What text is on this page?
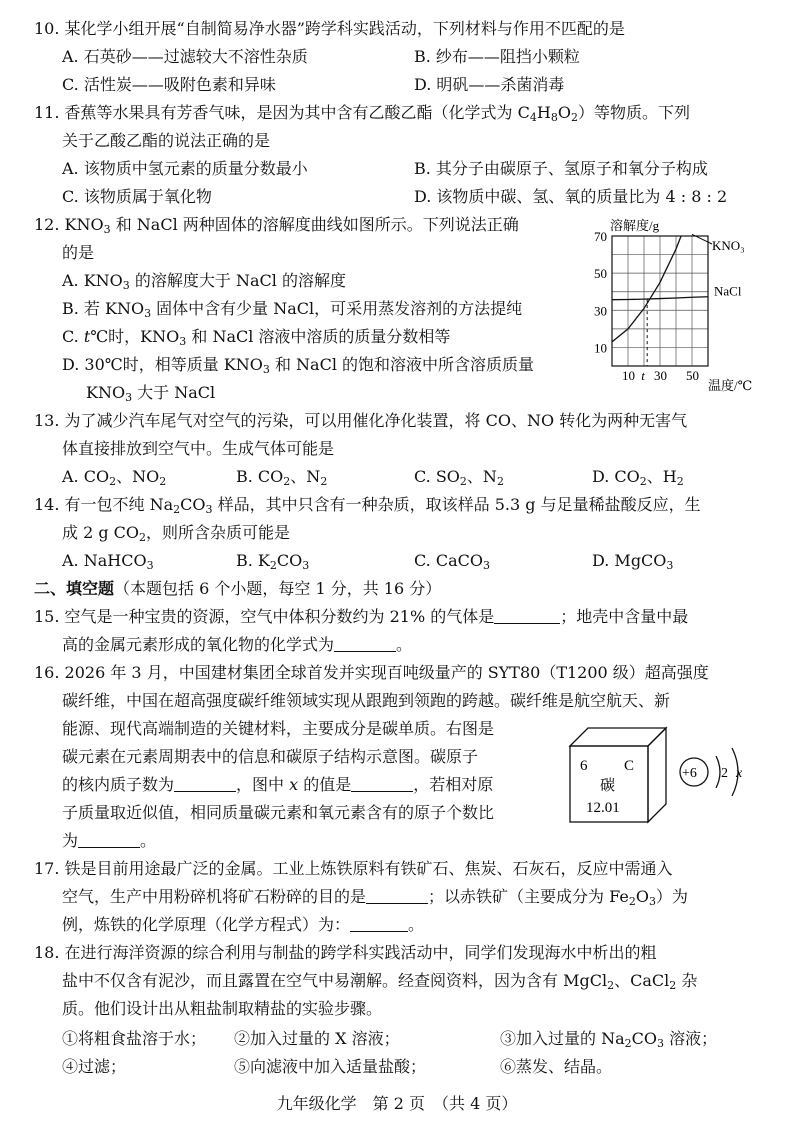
10. 某化学小组开展“自制简易净水器”跨学科实践活动，下列材料与作用不匹配的是
A. 石英砂——过滤较大不溶性杂质	B. 纱布——阻挡小颗粒
C. 活性炭——吸附色素和异味	D. 明矾——杀菌消毒
11. 香蕉等水果具有芳香气味，是因为其中含有乙酸乙酯（化学式为 $C_4H_8O_2$）等物质。下列
关于乙酸乙酯的说法正确的是
A. 该物质中氢元素的质量分数最小	B. 其分子由碳原子、氢原子和氧分子构成
C. 该物质属于氧化物	D. 该物质中碳、氢、氧的质量比为 4 : 8 : 2
12. $KNO_3$ 和 NaCl 两种固体的溶解度曲线如图所示。下列说法正确
的是
A. $KNO_3$ 的溶解度大于 NaCl 的溶解度
B. 若 $KNO_3$ 固体中含有少量 NaCl，可采用蒸发溶剂的方法提纯
C. t℃时，$KNO_3$ 和 NaCl 溶液中溶质的质量分数相等
D. 30℃时，相等质量 $KNO_3$ 和 NaCl 的饱和溶液中所含溶质质量
$KNO_3$ 大于 NaCl
10 t 30 50
10
30
50
70
KNO₃
NaCl
溶解度/g
温度/℃
13. 为了减少汽车尾气对空气的污染，可以用催化净化装置，将 CO、NO 转化为两种无害气
体直接排放到空气中。生成气体可能是
A. $CO_2$、$NO_2$	B. $CO_2$、$N_2$	C. $SO_2$、$N_2$	D. $CO_2$、$H_2$
14. 有一包不纯 $Na_2CO_3$ 样品，其中只含有一种杂质，取该样品 5.3 g 与足量稀盐酸反应，生
成 2 g $CO_2$，则所含杂质可能是
A. NaHCO$_3$	B. $K_2CO_3$	C. CaCO$_3$	D. MgCO$_3$
二、填空题（本题包括 6 个小题，每空 1 分，共 16 分）
15. 空气是一种宝贵的资源，空气中体积分数约为 21% 的气体是	；地壳中含量中最
高的金属元素形成的氧化物的化学式为	。
16. 2026 年 3 月，中国建材集团全球首发并实现百吨级量产的 SYT80（T1200 级）超高强度
碳纤维，中国在超高强度碳纤维领域实现从跟跑到领跑的跨越。碳纤维是航空航天、新
能源、现代高端制造的关键材料，主要成分是碳单质。右图是
碳元素在元素周期表中的信息和碳原子结构示意图。碳原子
的核内质子数为	，图中 x 的值是	，若相对原
子质量取近似值，相同质量碳元素和氧元素含有的原子个数比
为	。
6 C
碳
12.01
+6 2 x
17. 铁是目前用途最广泛的金属。工业上炼铁原料有铁矿石、焦炭、石灰石，反应中需通入
空气，生产中用粉碎机将矿石粉碎的目的是	；以赤铁矿（主要成分为 $Fe_2O_3$）为
例，炼铁的化学原理（化学方程式）为：	。
18. 在进行海洋资源的综合利用与制盐的跨学科实践活动中，同学们发现海水中析出的粗
盐中不仅含有泥沙，而且露置在空气中易潮解。经查阅资料，因为含有 MgCl$_2$、CaCl$_2$ 杂
质。他们设计出从粗盐制取精盐的实验步骤。
①将粗食盐溶于水； ②加入过量的 X 溶液；	③加入过量的 $Na_2CO_3$ 溶液；
④过滤；	⑤向滤液中加入适量盐酸；	⑥蒸发、结晶。
九年级化学　第 2 页　（共 4 页）
